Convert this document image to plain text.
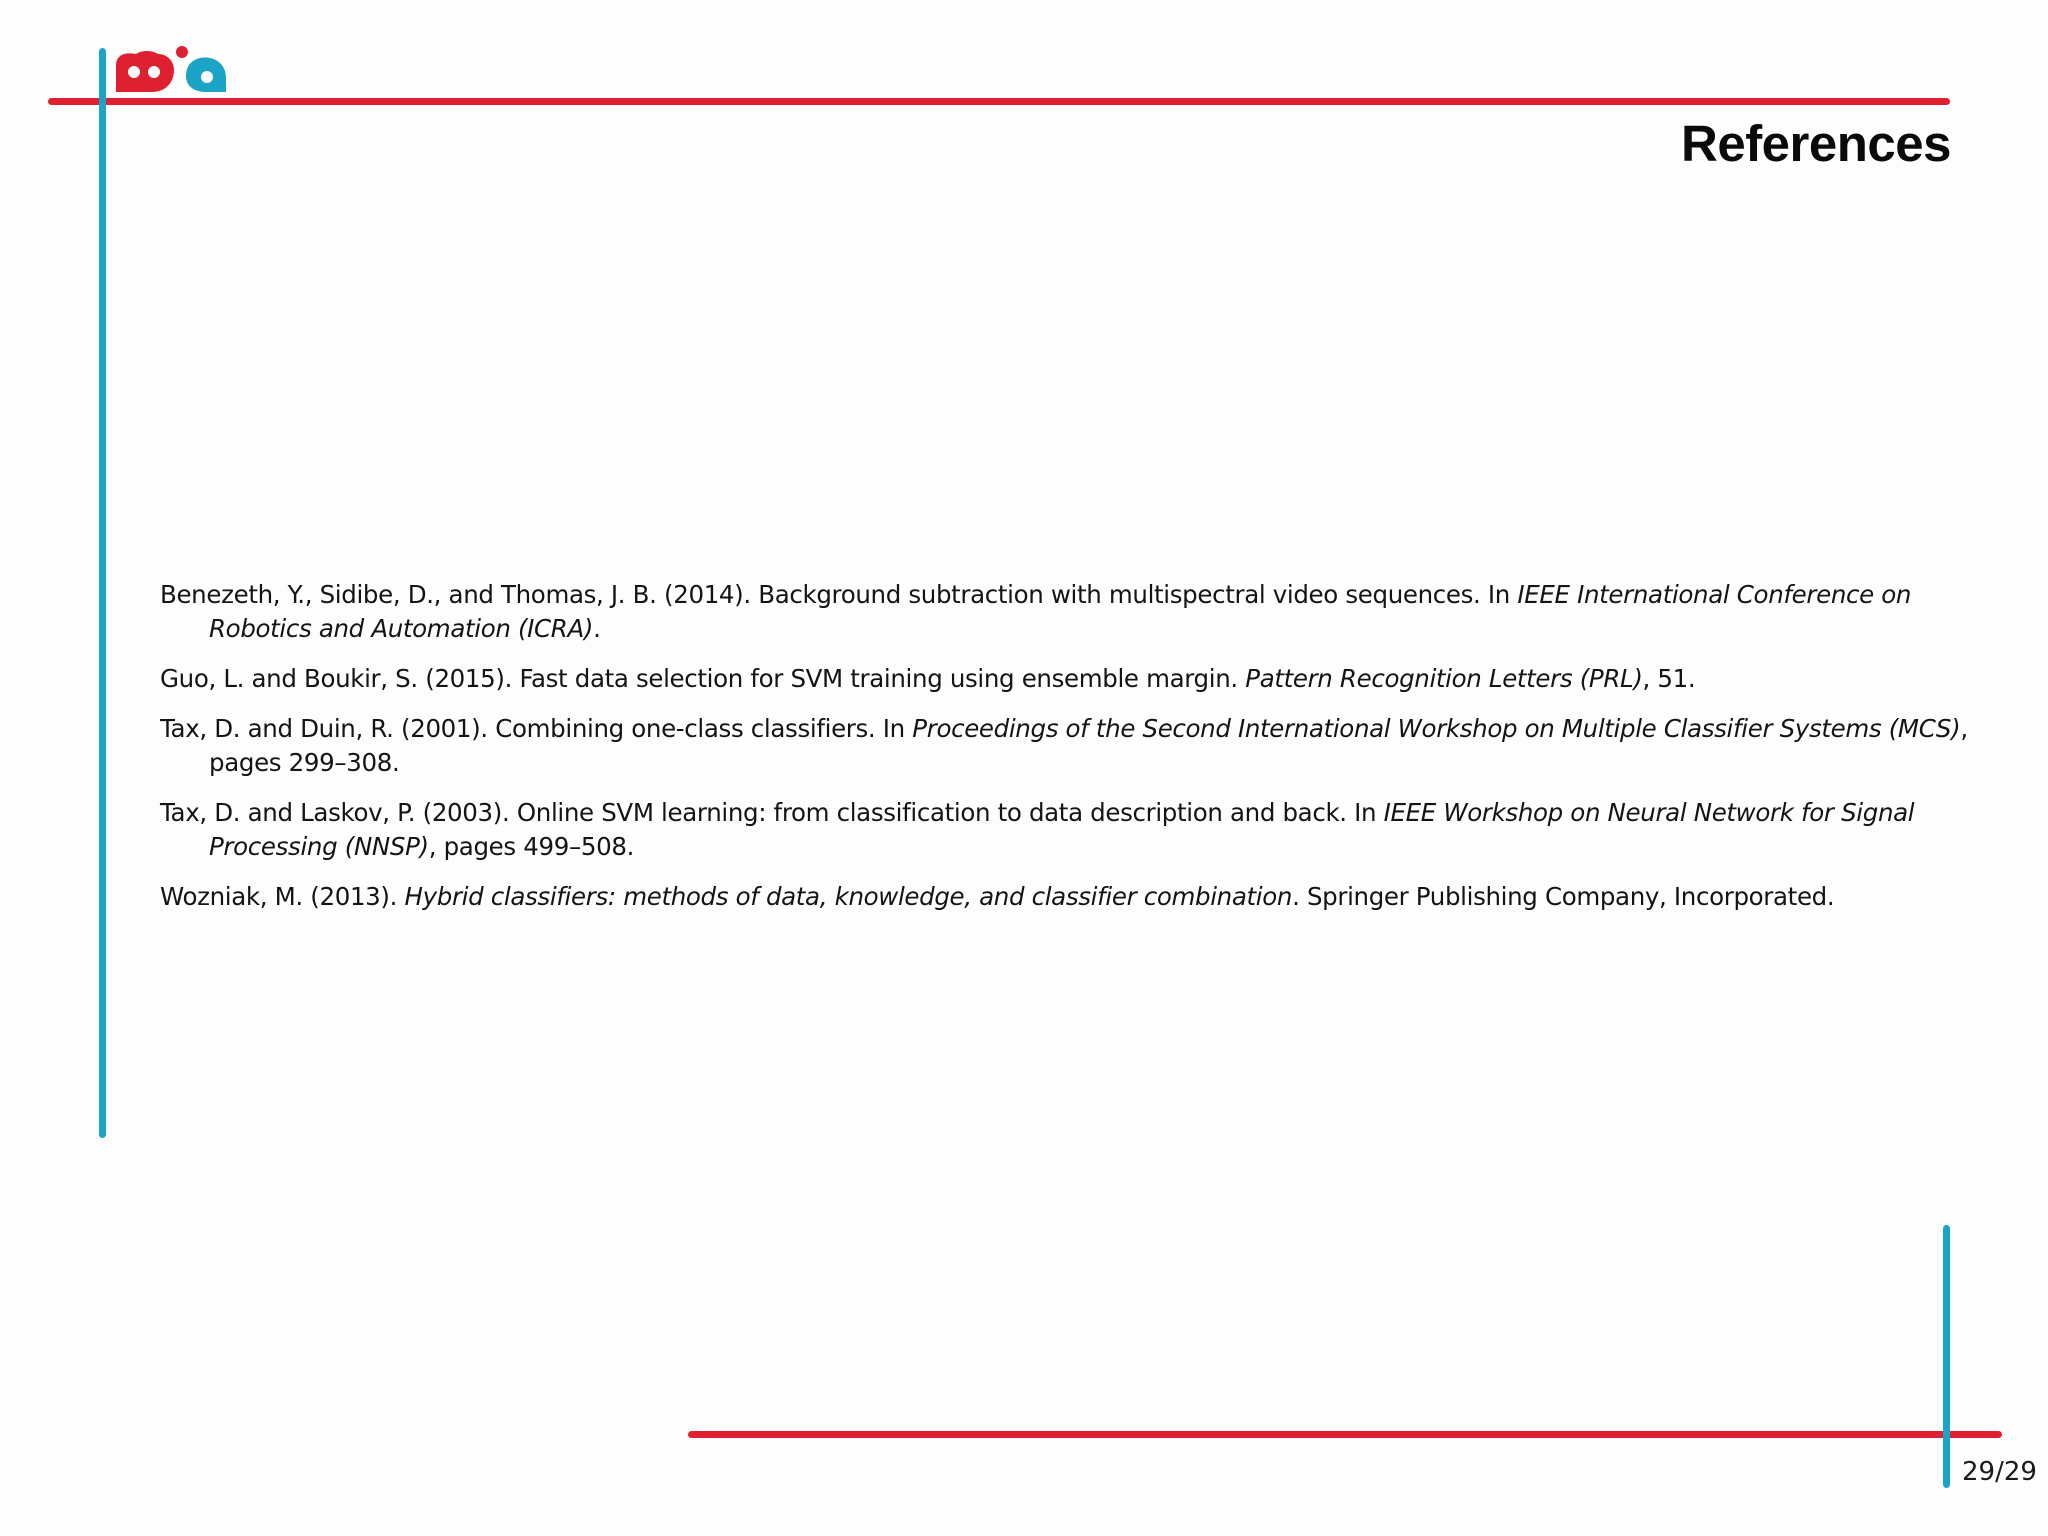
References
Benezeth, Y., Sidibe, D., and Thomas, J. B. (2014). Background subtraction with multispectral video sequences. In IEEE International Conference on Robotics and Automation (ICRA).
Guo, L. and Boukir, S. (2015). Fast data selection for SVM training using ensemble margin. Pattern Recognition Letters (PRL), 51.
Tax, D. and Duin, R. (2001). Combining one-class classifiers. In Proceedings of the Second International Workshop on Multiple Classifier Systems (MCS), pages 299–308.
Tax, D. and Laskov, P. (2003). Online SVM learning: from classification to data description and back. In IEEE Workshop on Neural Network for Signal Processing (NNSP), pages 499–508.
Wozniak, M. (2013). Hybrid classifiers: methods of data, knowledge, and classifier combination. Springer Publishing Company, Incorporated.
29/29
